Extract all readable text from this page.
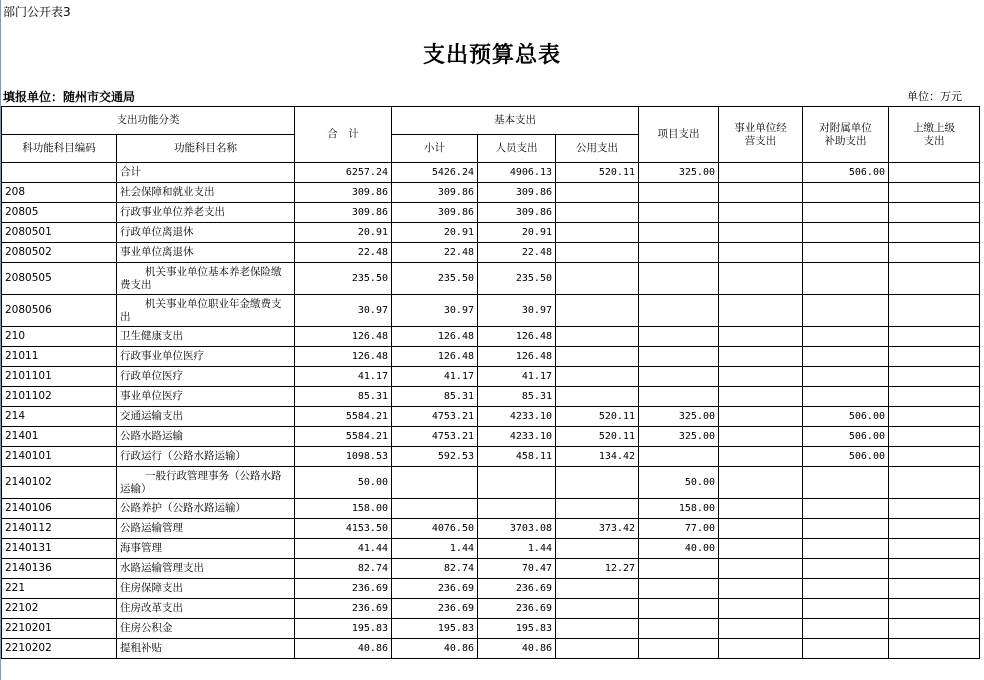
部门公开表3
支出预算总表
填报单位：随州市交通局	单位：万元
支出功能分类		合　计	基本支出			项目支出	事业单位经营支出	对附属单位补助支出	上缴上级支出
科功能科目编码	功能科目名称		小计	人员支出	公用支出				
	合计	6257.24	5426.24	4906.13	520.11	325.00		506.00	
208	社会保障和就业支出	309.86	309.86	309.86					
20805	行政事业单位养老支出	309.86	309.86	309.86					
2080501	行政单位离退休	20.91	20.91	20.91					
2080502	事业单位离退休	22.48	22.48	22.48					
2080505	机关事业单位基本养老保险缴费支出	235.50	235.50	235.50					
2080506	机关事业单位职业年金缴费支出	30.97	30.97	30.97					
210	卫生健康支出	126.48	126.48	126.48					
21011	行政事业单位医疗	126.48	126.48	126.48					
2101101	行政单位医疗	41.17	41.17	41.17					
2101102	事业单位医疗	85.31	85.31	85.31					
214	交通运输支出	5584.21	4753.21	4233.10	520.11	325.00		506.00	
21401	公路水路运输	5584.21	4753.21	4233.10	520.11	325.00		506.00	
2140101	行政运行（公路水路运输）	1098.53	592.53	458.11	134.42			506.00	
2140102	一般行政管理事务（公路水路运输）	50.00				50.00			
2140106	公路养护（公路水路运输）	158.00				158.00			
2140112	公路运输管理	4153.50	4076.50	3703.08	373.42	77.00			
2140131	海事管理	41.44	1.44	1.44		40.00			
2140136	水路运输管理支出	82.74	82.74	70.47	12.27				
221	住房保障支出	236.69	236.69	236.69					
22102	住房改革支出	236.69	236.69	236.69					
2210201	住房公积金	195.83	195.83	195.83					
2210202	提租补贴	40.86	40.86	40.86					
